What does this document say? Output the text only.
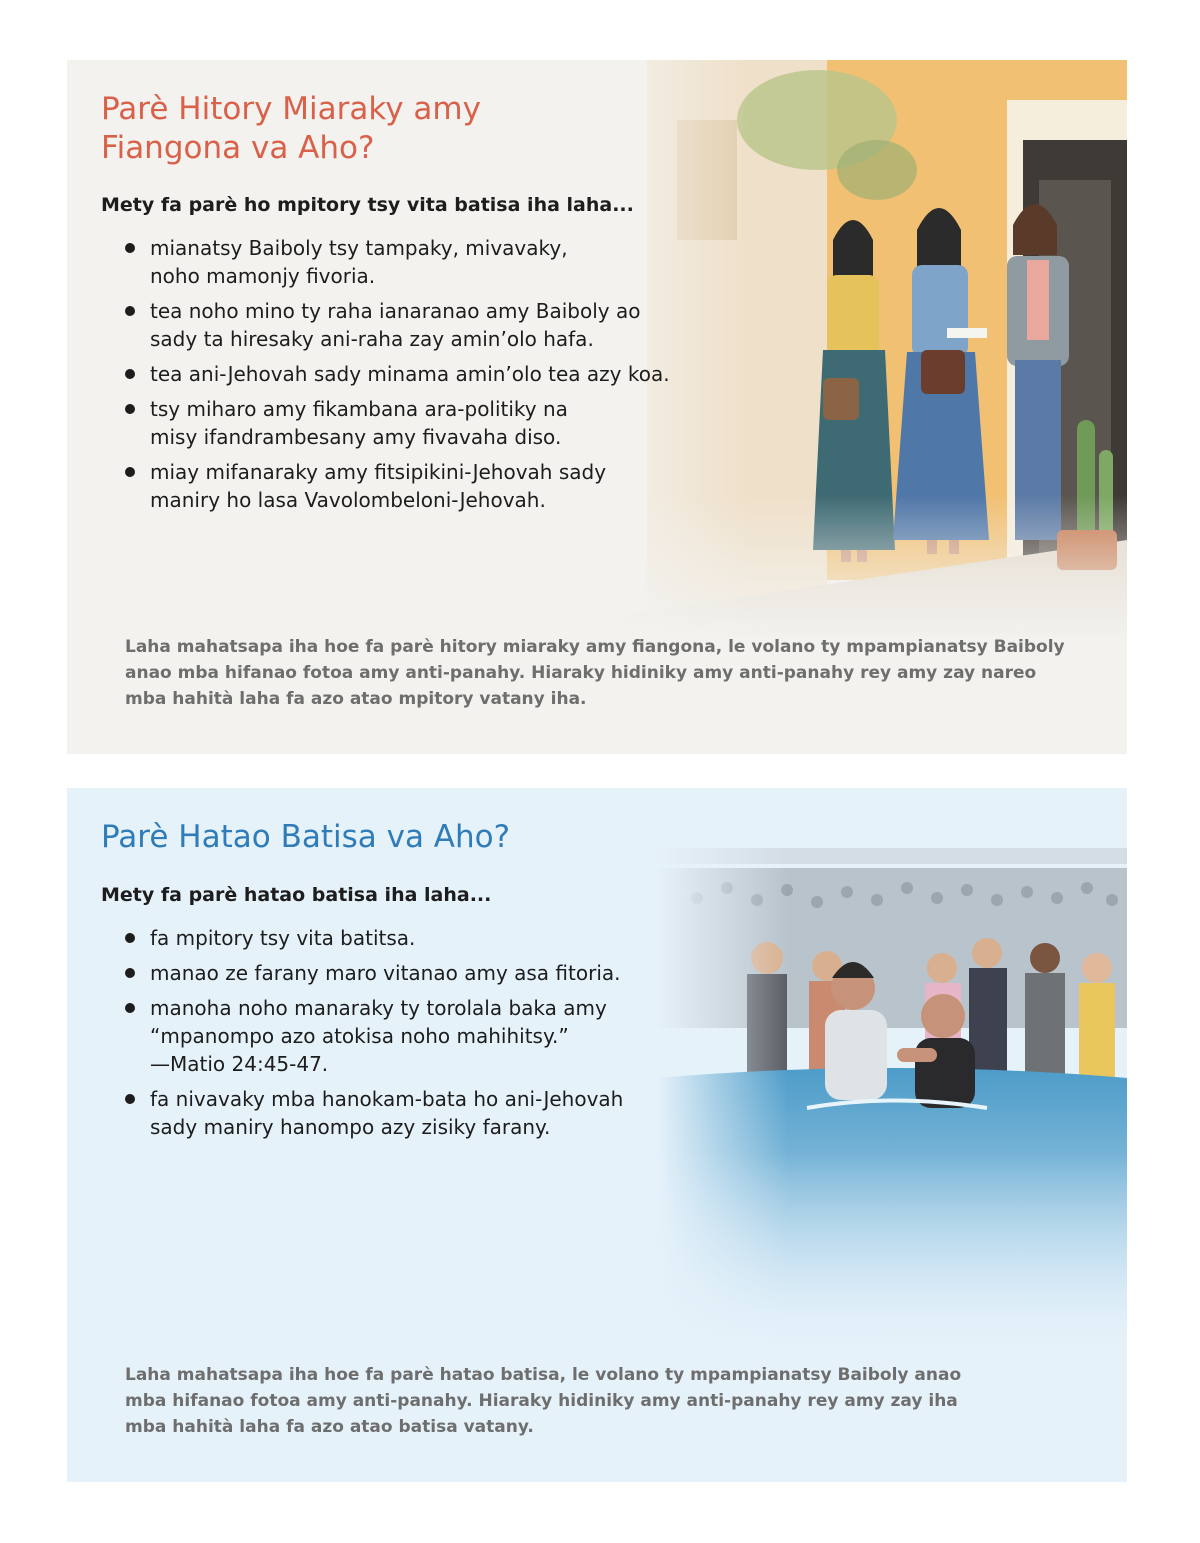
Parè Hitory Miaraky amy
Fiangona va Aho?

Mety fa parè ho mpitory tsy vita batisa iha laha...

mianatsy Baiboly tsy tampaky, mivavaky,
noho mamonjy fivoria.
tea noho mino ty raha ianaranao amy Baiboly ao
sady ta hiresaky ani-raha zay amin’olo hafa.
tea ani-Jehovah sady minama amin’olo tea azy koa.
tsy miharo amy fikambana ara-politiky na
misy ifandrambesany amy fivavaha diso.
miay mifanaraky amy fitsipikini-Jehovah sady
maniry ho lasa Vavolombeloni-Jehovah.

Laha mahatsapa iha hoe fa parè hitory miaraky amy fiangona, le volano ty mpampianatsy Baiboly
anao mba hifanao fotoa amy anti-panahy. Hiaraky hidiniky amy anti-panahy rey amy zay nareo
mba hahità laha fa azo atao mpitory vatany iha.

Parè Hatao Batisa va Aho?

Mety fa parè hatao batisa iha laha...

fa mpitory tsy vita batitsa.
manao ze farany maro vitanao amy asa fitoria.
manoha noho manaraky ty torolala baka amy
“mpanompo azo atokisa noho mahihitsy.”
—Matio 24:45-47.
fa nivavaky mba hanokam-bata ho ani-Jehovah
sady maniry hanompo azy zisiky farany.

Laha mahatsapa iha hoe fa parè hatao batisa, le volano ty mpampianatsy Baiboly anao
mba hifanao fotoa amy anti-panahy. Hiaraky hidiniky amy anti-panahy rey amy zay iha
mba hahità laha fa azo atao batisa vatany.
